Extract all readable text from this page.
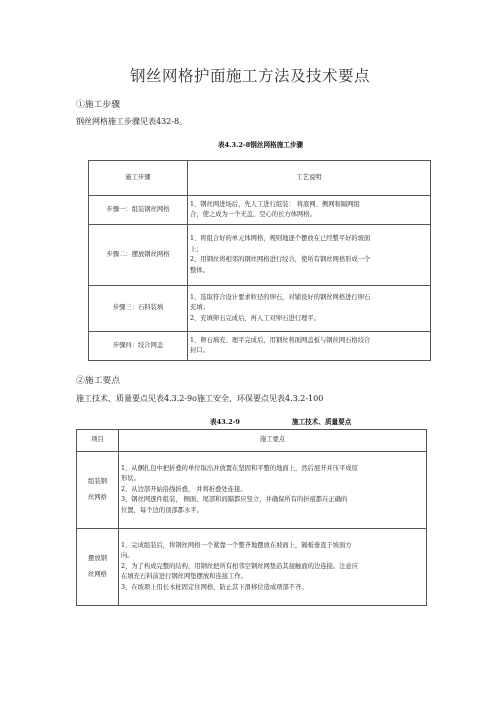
钢丝网格护面施工方法及技术要点
①施工步骤
钢丝网格施工步骤见表432-8。
表4.3.2-8钢丝网格施工步骤
施工步骤	工艺说明
步骤一：组装钢丝网格	1、钢丝网进场后，先人工进行组装： 将底网、侧网和隔网组
合，使之成为一个无盖、空心的长方体网格。

步骤二：摆放钢丝网格	1、将组合好的单元体网格，规则地逐个摆放在已经整平好的坡面
上；
2、用钢丝将相邻的钢丝网格进行绞合，使所有钢丝网格形成一个
整体。

步骤三：石料装填	1、选取符合设计要求粒径的卵石，对铺设好的钢丝网格进行卵石
充填；
2、充填卵石完成后，再人工对卵石进行理平。

步骤四：绞合网盖	1、卵石填充、理平完成后，用钢丝将面网盖板与钢丝网石格绞合
封口。
②施工要点
施工技术、质量要点见表4.3.2-9o施工安全、环保要点见表4.3.2-100
表43.2-9	施工技术、质量要点
项目	施工要点

组装钢
丝网格	1、从捆扎包中把折叠的单位取出并放置在坚固和平整的地面上，然后展开并压平成原
形状。
2、从边部开始沿线折叠， 并将折叠处连接。
3、钢丝网逐件组装， 侧面、尾部和间隔都应竖立，并确保所有的折痕都在正确的
位置，每个边的顶部都水平。

摆放钢
丝网格	1、完成组装后，将钢丝网格一个紧靠一个整齐地摆放在坡面上，隔板垂直于坡面方
向。
2、为了构成完整的结构，用钢丝把所有相邻空钢丝网垫沿其接触面的边连接。注意应
在填充石料前进行钢丝网垫摆放和连接工作。
3、在坡项上用长木桩固定住网格，防止其下滑移位造成项部不齐。
